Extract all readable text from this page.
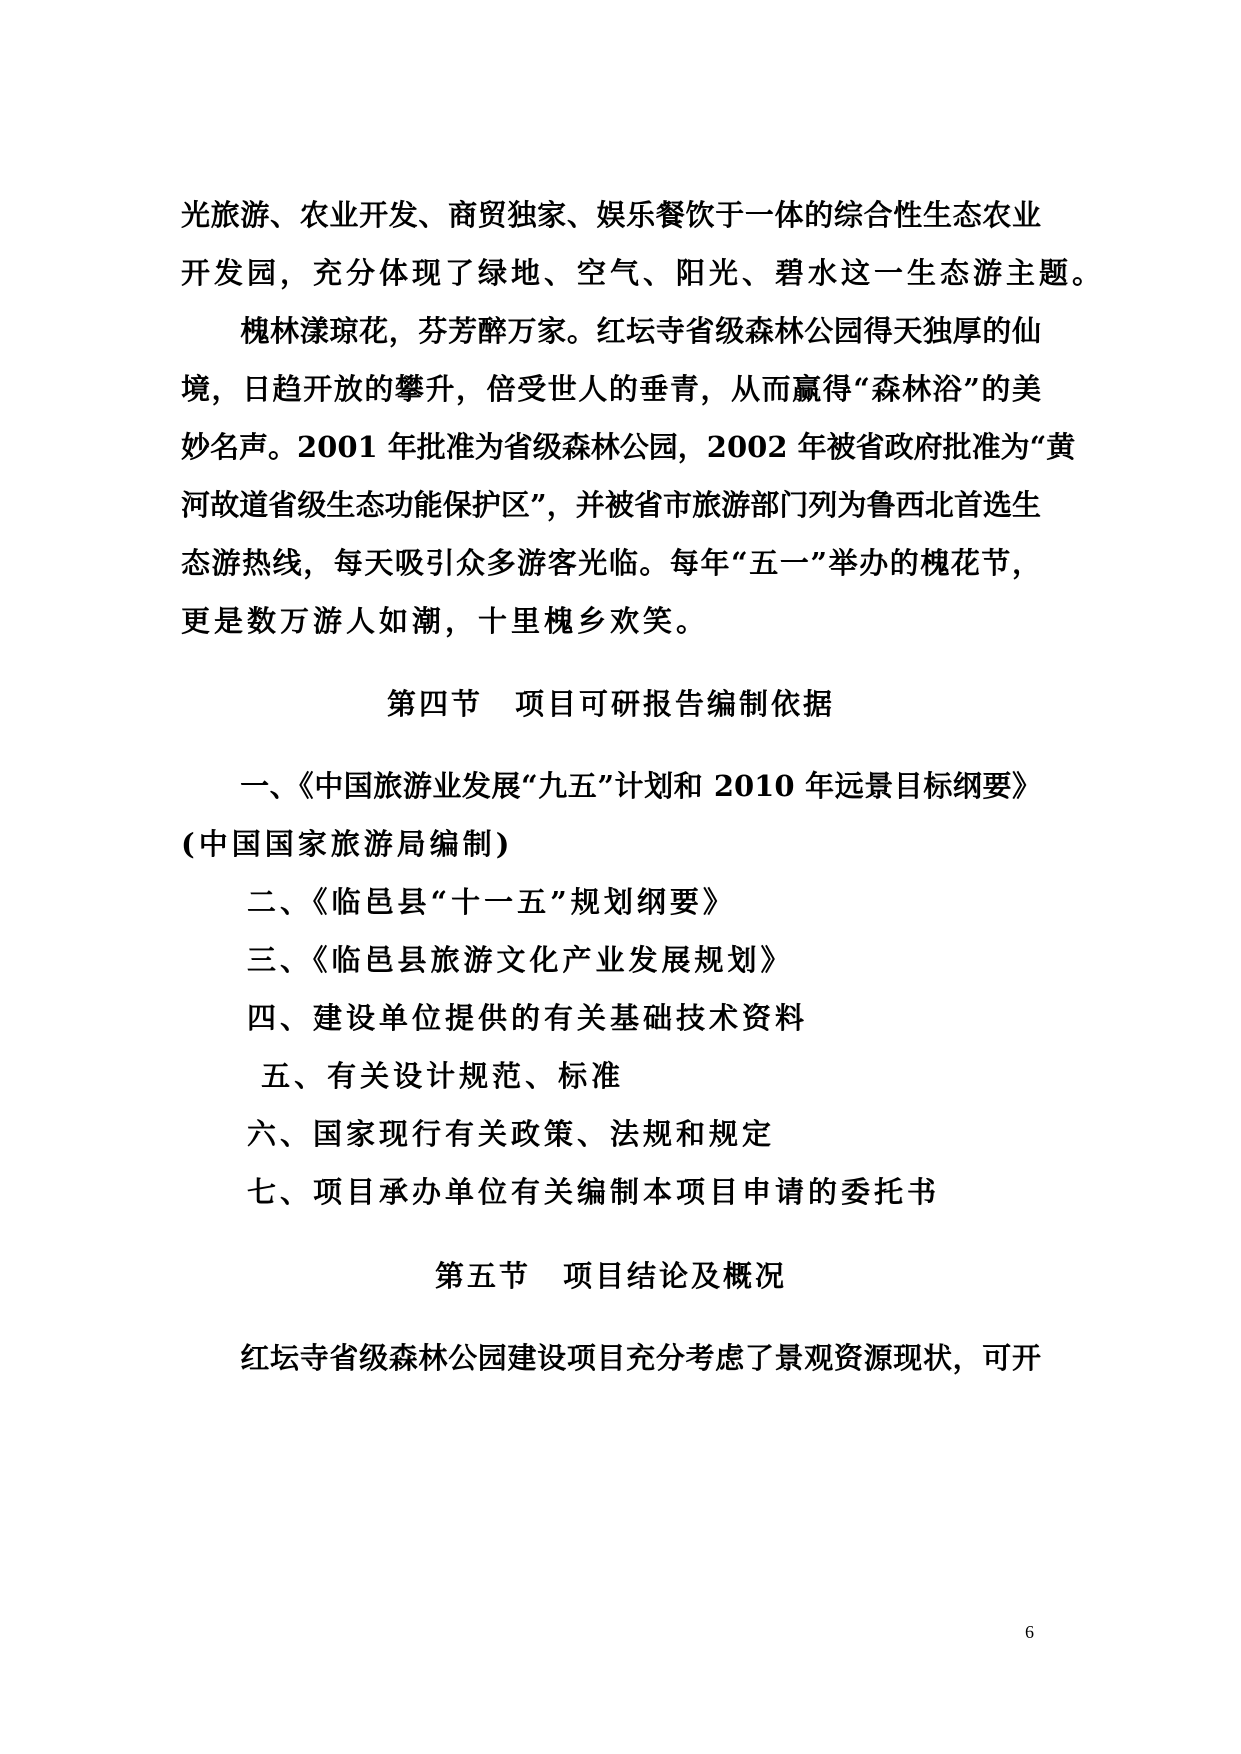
光旅游、农业开发、商贸独家、娱乐餐饮于一体的综合性生态农业
开发园，充分体现了绿地、空气、阳光、碧水这一生态游主题。
　　槐林漾琼花，芬芳醉万家。红坛寺省级森林公园得天独厚的仙
境，日趋开放的攀升，倍受世人的垂青，从而赢得“森林浴”的美
妙名声。2001 年批准为省级森林公园，2002 年被省政府批准为“黄
河故道省级生态功能保护区”，并被省市旅游部门列为鲁西北首选生
态游热线，每天吸引众多游客光临。每年“五一”举办的槐花节，
更是数万游人如潮，十里槐乡欢笑。
第四节　项目可研报告编制依据
　　一、《中国旅游业发展“九五”计划和 2010 年远景目标纲要》
(中国国家旅游局编制)
　　二、《临邑县“十一五”规划纲要》
　　三、《临邑县旅游文化产业发展规划》
　　四、建设单位提供的有关基础技术资料
　　 五、有关设计规范、标准
　　六、国家现行有关政策、法规和规定
　　七、项目承办单位有关编制本项目申请的委托书
第五节　项目结论及概况
　　红坛寺省级森林公园建设项目充分考虑了景观资源现状，可开
6
